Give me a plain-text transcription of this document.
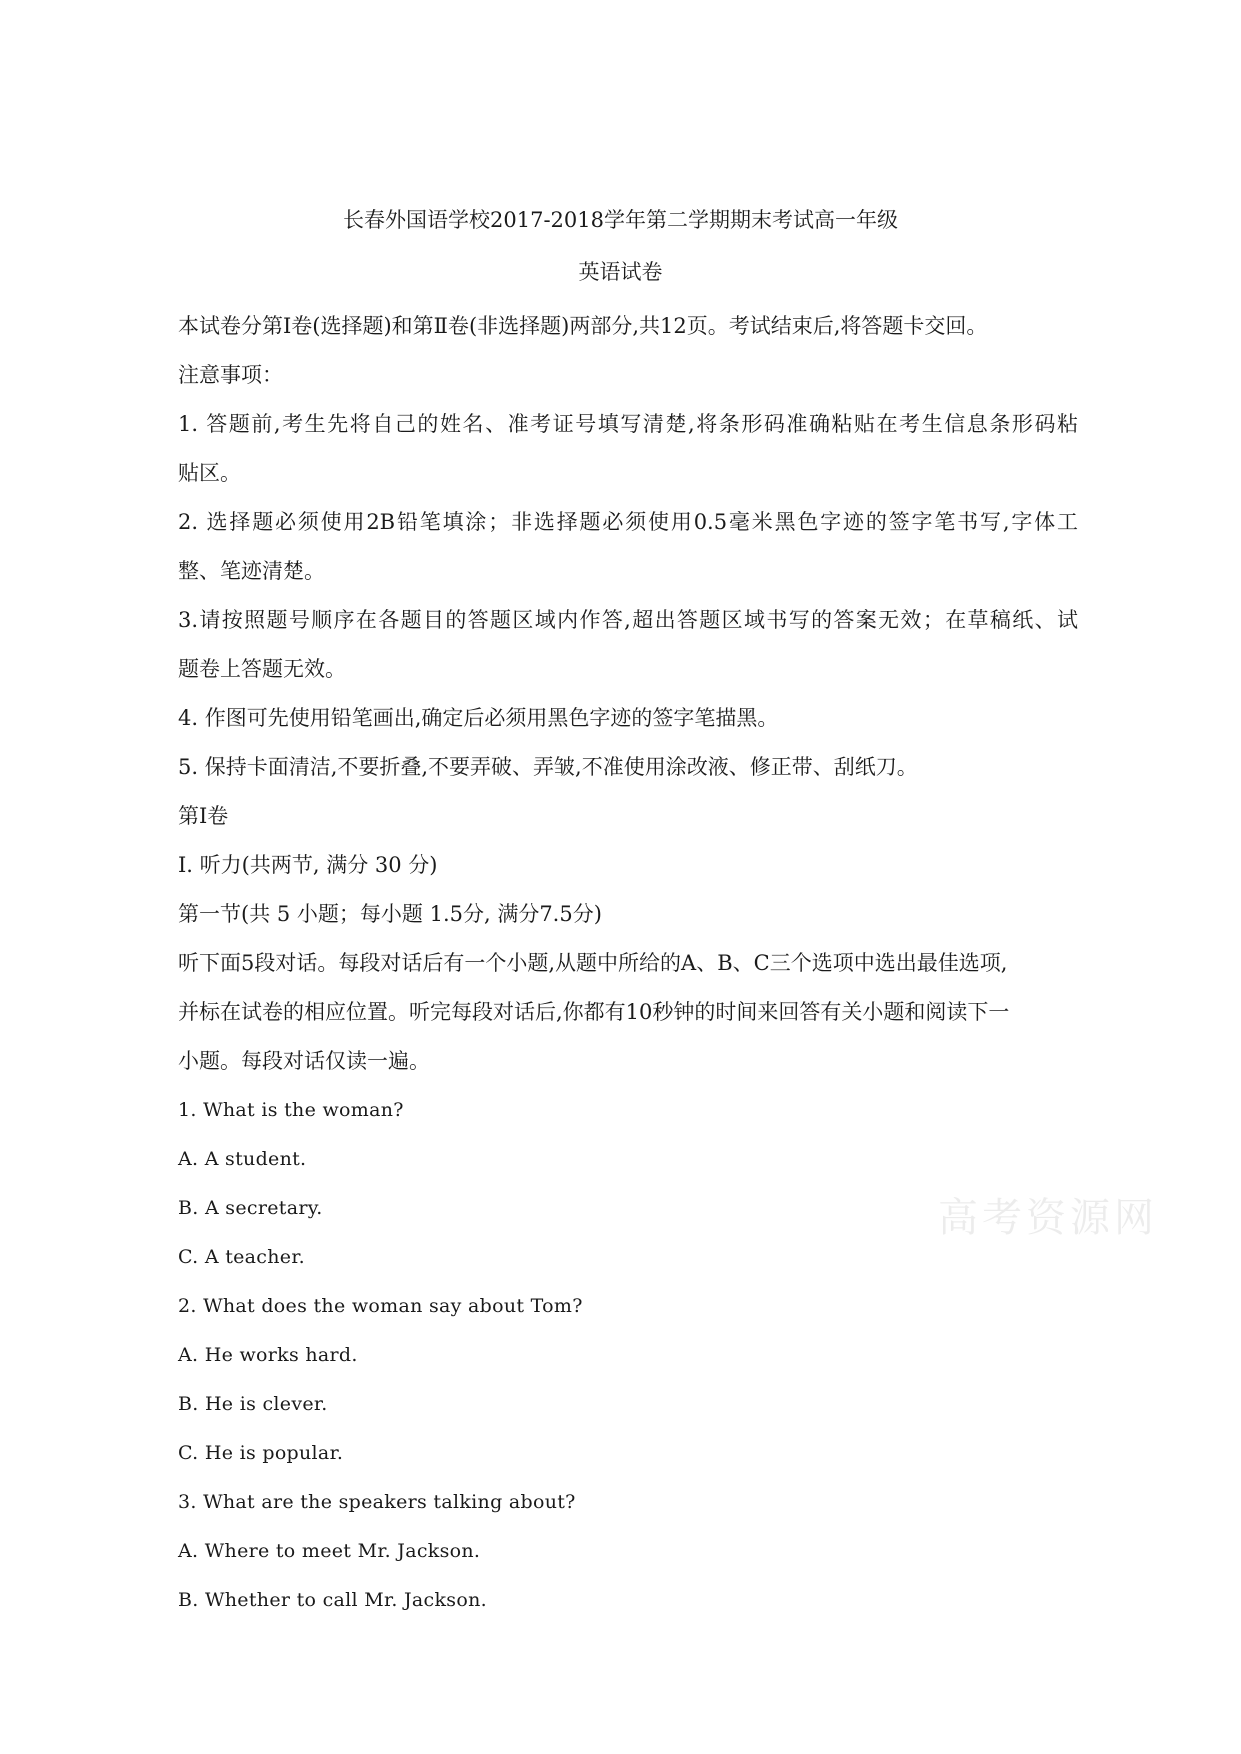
长春外国语学校2017-2018学年第二学期期末考试高一年级
英语试卷
本试卷分第Ⅰ卷(选择题)和第Ⅱ卷(非选择题)两部分,共12页。考试结束后,将答题卡交回。
注意事项：
1. 答题前,考生先将自己的姓名、准考证号填写清楚,将条形码准确粘贴在考生信息条形码粘
贴区。
2. 选择题必须使用2B铅笔填涂；非选择题必须使用0.5毫米黑色字迹的签字笔书写,字体工
整、笔迹清楚。
3.请按照题号顺序在各题目的答题区域内作答,超出答题区域书写的答案无效；在草稿纸、试
题卷上答题无效。
4. 作图可先使用铅笔画出,确定后必须用黑色字迹的签字笔描黑。
5. 保持卡面清洁,不要折叠,不要弄破、弄皱,不准使用涂改液、修正带、刮纸刀。
第Ⅰ卷
I. 听力(共两节, 满分 30 分)
第一节(共 5 小题；每小题 1.5分, 满分7.5分)
听下面5段对话。每段对话后有一个小题,从题中所给的A、B、C三个选项中选出最佳选项,
并标在试卷的相应位置。听完每段对话后,你都有10秒钟的时间来回答有关小题和阅读下一
小题。每段对话仅读一遍。
1. What is the woman?
A. A student.
B. A secretary.
C. A teacher.
2. What does the woman say about Tom?
A. He works hard.
B. He is clever.
C. He is popular.
3. What are the speakers talking about?
A. Where to meet Mr. Jackson.
B. Whether to call Mr. Jackson.
高考资源网
